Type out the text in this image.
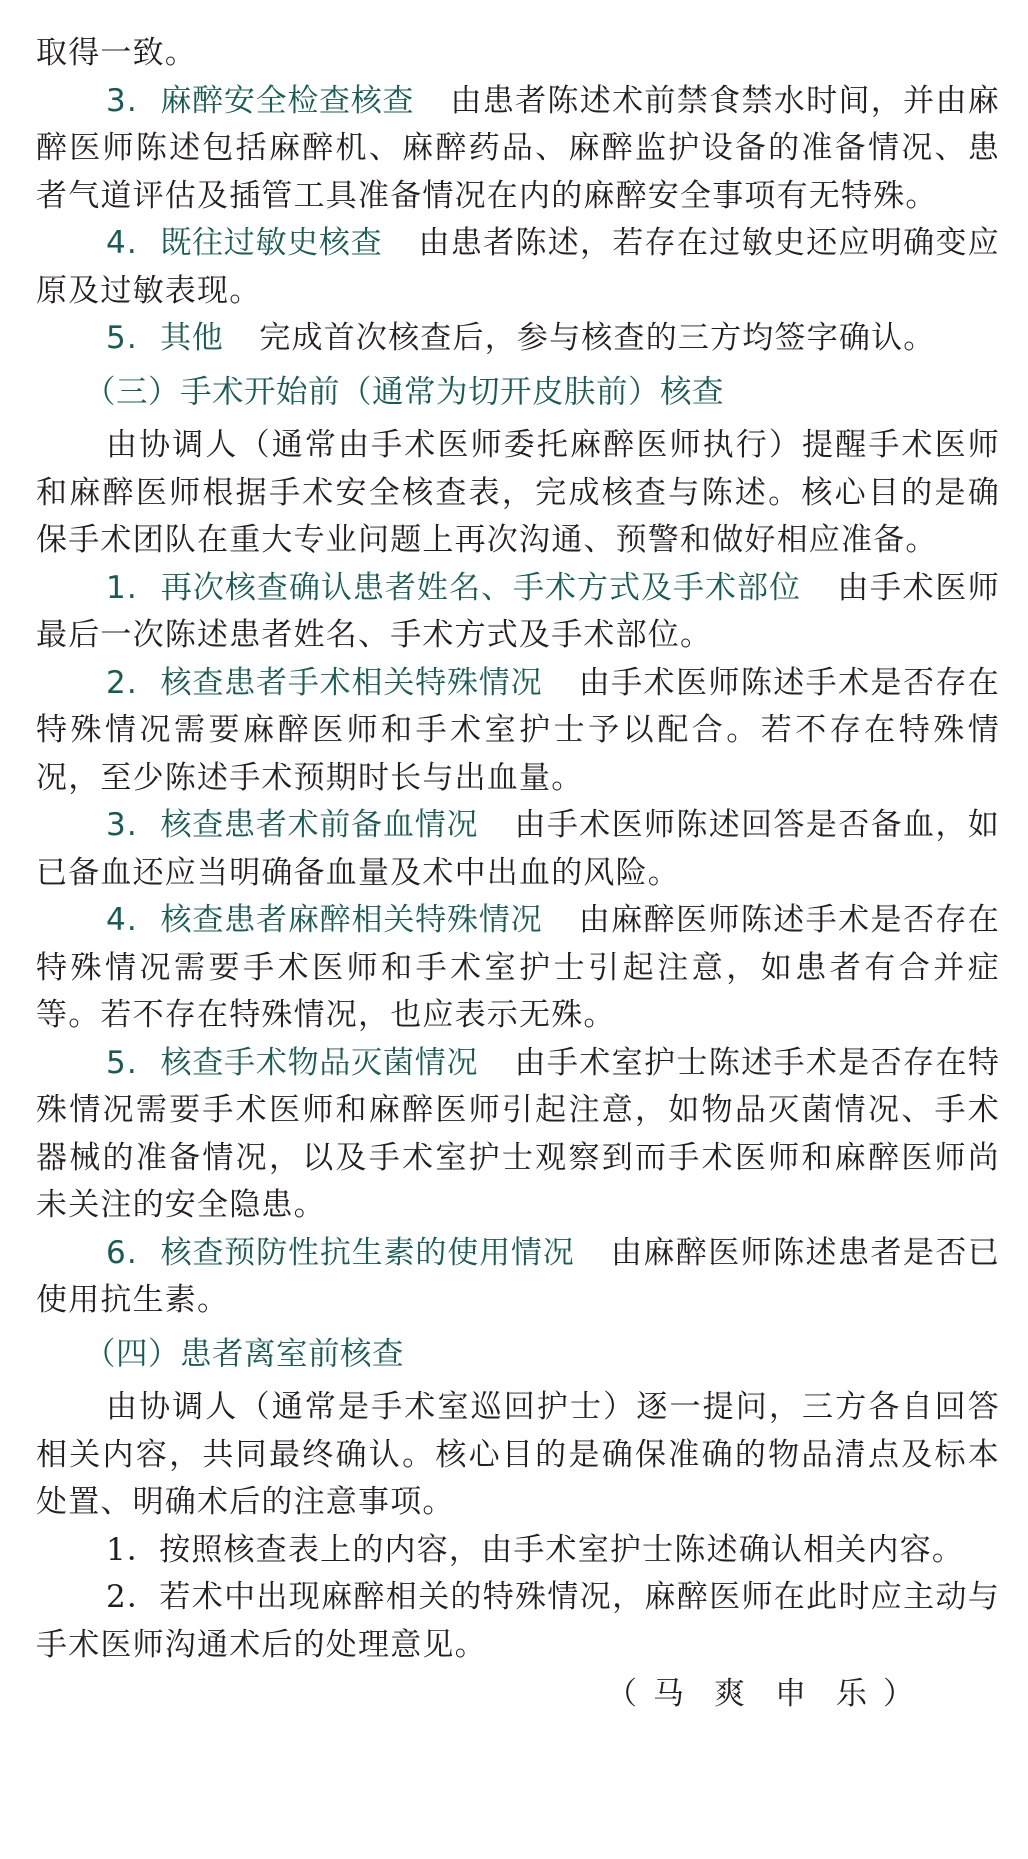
取得一致。

3. 麻醉安全检查核查 由患者陈述术前禁食禁水时间，并由麻醉医师陈述包括麻醉机、麻醉药品、麻醉监护设备的准备情况、患者气道评估及插管工具准备情况在内的麻醉安全事项有无特殊。

4. 既往过敏史核查 由患者陈述，若存在过敏史还应明确变应原及过敏表现。

5. 其他 完成首次核查后，参与核查的三方均签字确认。

（三）手术开始前（通常为切开皮肤前）核查

由协调人（通常由手术医师委托麻醉医师执行）提醒手术医师和麻醉医师根据手术安全核查表，完成核查与陈述。核心目的是确保手术团队在重大专业问题上再次沟通、预警和做好相应准备。

1. 再次核查确认患者姓名、手术方式及手术部位 由手术医师最后一次陈述患者姓名、手术方式及手术部位。

2. 核查患者手术相关特殊情况 由手术医师陈述手术是否存在特殊情况需要麻醉医师和手术室护士予以配合。若不存在特殊情况，至少陈述手术预期时长与出血量。

3. 核查患者术前备血情况 由手术医师陈述回答是否备血，如已备血还应当明确备血量及术中出血的风险。

4. 核查患者麻醉相关特殊情况 由麻醉医师陈述手术是否存在特殊情况需要手术医师和手术室护士引起注意，如患者有合并症等。若不存在特殊情况，也应表示无殊。

5. 核查手术物品灭菌情况 由手术室护士陈述手术是否存在特殊情况需要手术医师和麻醉医师引起注意，如物品灭菌情况、手术器械的准备情况，以及手术室护士观察到而手术医师和麻醉医师尚未关注的安全隐患。

6. 核查预防性抗生素的使用情况 由麻醉医师陈述患者是否已使用抗生素。

（四）患者离室前核查

由协调人（通常是手术室巡回护士）逐一提问，三方各自回答相关内容，共同最终确认。核心目的是确保准确的物品清点及标本处置、明确术后的注意事项。

1．按照核查表上的内容，由手术室护士陈述确认相关内容。

2．若术中出现麻醉相关的特殊情况，麻醉医师在此时应主动与手术医师沟通术后的处理意见。

（ 马 爽 申 乐 ）
